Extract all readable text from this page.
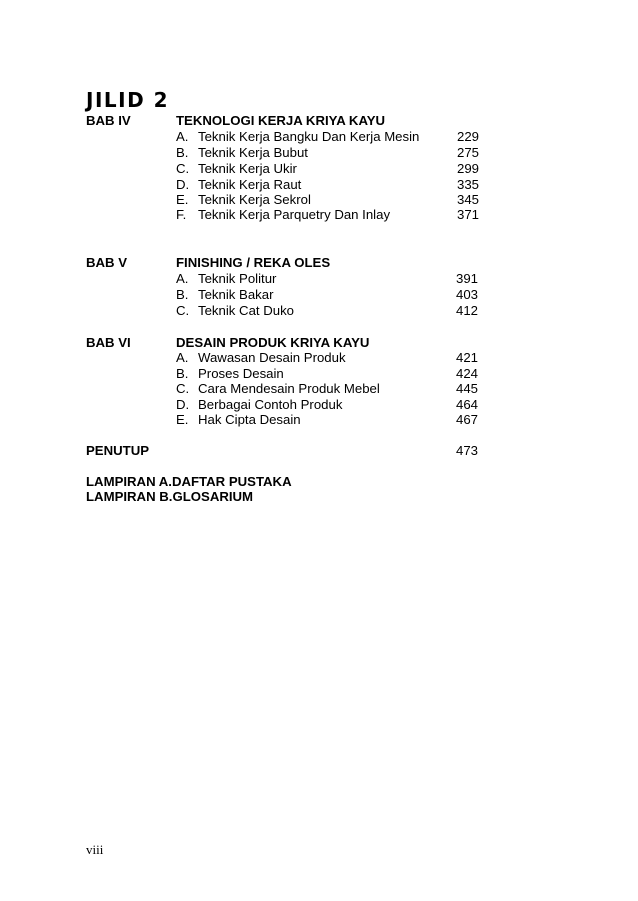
JILID 2
BAB IV	TEKNOLOGI KERJA KRIYA KAYU
A. Teknik Kerja Bangku Dan Kerja Mesin	229
B. Teknik Kerja Bubut	275
C. Teknik Kerja Ukir	299
D. Teknik Kerja Raut	335
E. Teknik Kerja Sekrol	345
F. Teknik Kerja Parquetry Dan Inlay	371
BAB V	FINISHING / REKA OLES
A. Teknik Politur	391
B. Teknik Bakar	403
C. Teknik Cat Duko	412
BAB VI	DESAIN PRODUK KRIYA KAYU
A. Wawasan Desain Produk	421
B. Proses Desain	424
C. Cara Mendesain Produk Mebel	445
D. Berbagai Contoh Produk	464
E. Hak Cipta Desain	467
PENUTUP	473
LAMPIRAN A.DAFTAR PUSTAKA
LAMPIRAN B.GLOSARIUM
viii
